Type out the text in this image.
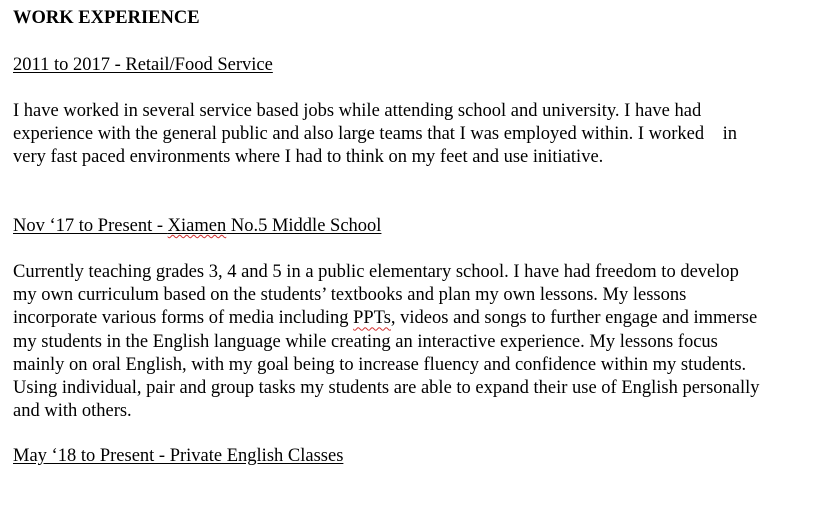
WORK EXPERIENCE
2011 to 2017 - Retail/Food Service
I have worked in several service based jobs while attending school and university. I have had
experience with the general public and also large teams that I was employed within. I worked    in
very fast paced environments where I had to think on my feet and use initiative.
Nov ‘17 to Present - Xiamen No.5 Middle School
Currently teaching grades 3, 4 and 5 in a public elementary school. I have had freedom to develop
my own curriculum based on the students’ textbooks and plan my own lessons. My lessons
incorporate various forms of media including PPTs, videos and songs to further engage and immerse
my students in the English language while creating an interactive experience. My lessons focus
mainly on oral English, with my goal being to increase fluency and confidence within my students.
Using individual, pair and group tasks my students are able to expand their use of English personally
and with others.
May ‘18 to Present - Private English Classes
